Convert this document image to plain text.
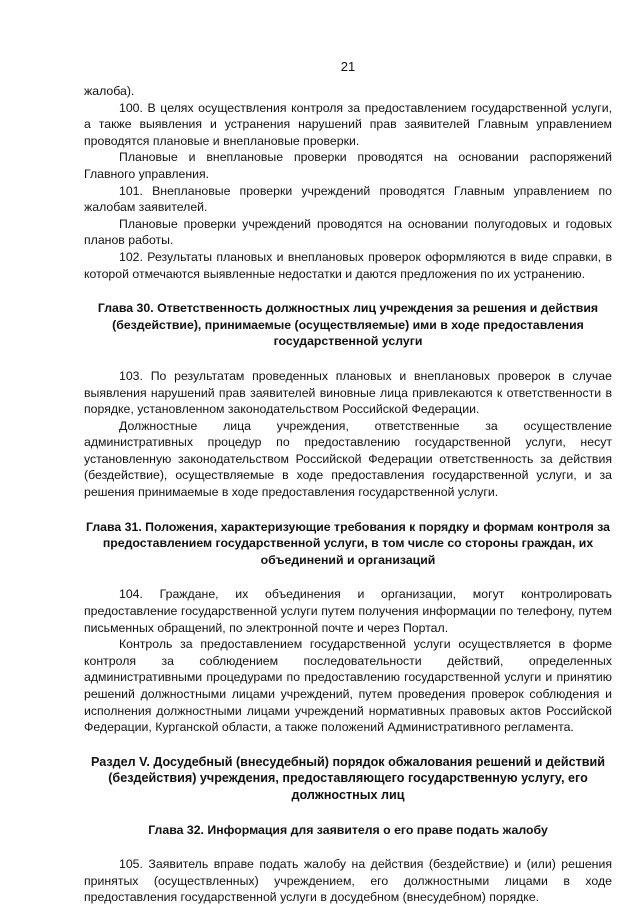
21

жалоба).

100. В целях осуществления контроля за предоставлением государственной услуги, а также выявления и устранения нарушений прав заявителей Главным управлением проводятся плановые и внеплановые проверки.

Плановые и внеплановые проверки проводятся на основании распоряжений Главного управления.

101. Внеплановые проверки учреждений проводятся Главным управлением по жалобам заявителей.

Плановые проверки учреждений проводятся на основании полугодовых и годовых планов работы.

102. Результаты плановых и внеплановых проверок оформляются в виде справки, в которой отмечаются выявленные недостатки и даются предложения по их устранению.

Глава 30. Ответственность должностных лиц учреждения за решения и действия (бездействие), принимаемые (осуществляемые) ими в ходе предоставления государственной услуги

103. По результатам проведенных плановых и внеплановых проверок в случае выявления нарушений прав заявителей виновные лица привлекаются к ответственности в порядке, установленном законодательством Российской Федерации.

Должностные лица учреждения, ответственные за осуществление административных процедур по предоставлению государственной услуги, несут установленную законодательством Российской Федерации ответственность за действия (бездействие), осуществляемые в ходе предоставления государственной услуги, и за решения принимаемые в ходе предоставления государственной услуги.

Глава 31. Положения, характеризующие требования к порядку и формам контроля за предоставлением государственной услуги, в том числе со стороны граждан, их объединений и организаций

104. Граждане, их объединения и организации, могут контролировать предоставление государственной услуги путем получения информации по телефону, путем письменных обращений, по электронной почте и через Портал.

Контроль за предоставлением государственной услуги осуществляется в форме контроля за соблюдением последовательности действий, определенных административными процедурами по предоставлению государственной услуги и принятию решений должностными лицами учреждений, путем проведения проверок соблюдения и исполнения должностными лицами учреждений нормативных правовых актов Российской Федерации, Курганской области, а также положений Административного регламента.

Раздел V. Досудебный (внесудебный) порядок обжалования решений и действий (бездействия) учреждения, предоставляющего государственную услугу, его должностных лиц
Глава 32. Информация для заявителя о его праве подать жалобу

105. Заявитель вправе подать жалобу на действия (бездействие) и (или) решения принятых (осуществленных) учреждением, его должностными лицами в ходе предоставления государственной услуги в досудебном (внесудебном) порядке.
